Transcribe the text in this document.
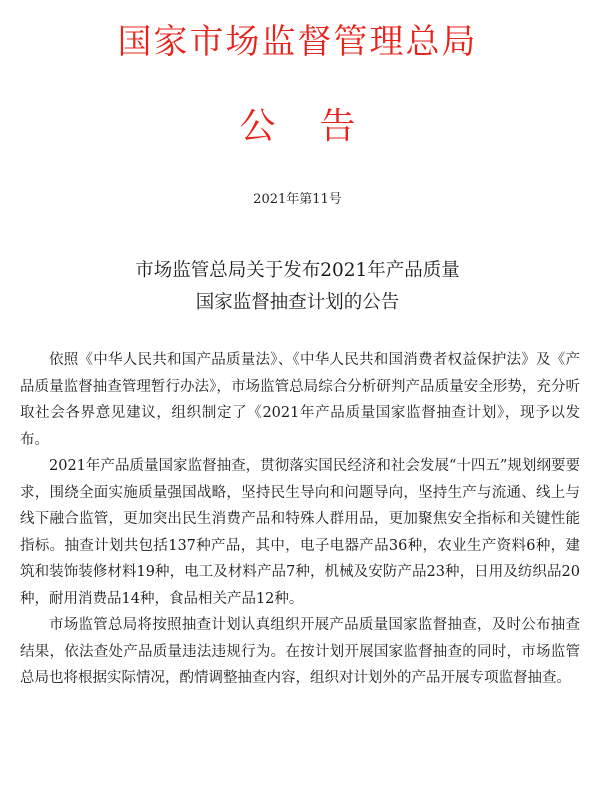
国家市场监督管理总局
公告
2021年第11号
市场监管总局关于发布2021年产品质量
国家监督抽查计划的公告

依照《中华人民共和国产品质量法》、《中华人民共和国消费者权益保护法》及《产品质量监督抽查管理暂行办法》，市场监管总局综合分析研判产品质量安全形势，充分听取社会各界意见建议，组织制定了《2021年产品质量国家监督抽查计划》，现予以发布。

2021年产品质量国家监督抽查，贯彻落实国民经济和社会发展“十四五”规划纲要要求，围绕全面实施质量强国战略，坚持民生导向和问题导向，坚持生产与流通、线上与线下融合监管，更加突出民生消费产品和特殊人群用品，更加聚焦安全指标和关键性能指标。抽查计划共包括137种产品，其中，电子电器产品36种，农业生产资料6种，建筑和装饰装修材料19种，电工及材料产品7种，机械及安防产品23种，日用及纺织品20种，耐用消费品14种，食品相关产品12种。

市场监管总局将按照抽查计划认真组织开展产品质量国家监督抽查，及时公布抽查结果，依法查处产品质量违法违规行为。在按计划开展国家监督抽查的同时，市场监管总局也将根据实际情况，酌情调整抽查内容，组织对计划外的产品开展专项监督抽查。
